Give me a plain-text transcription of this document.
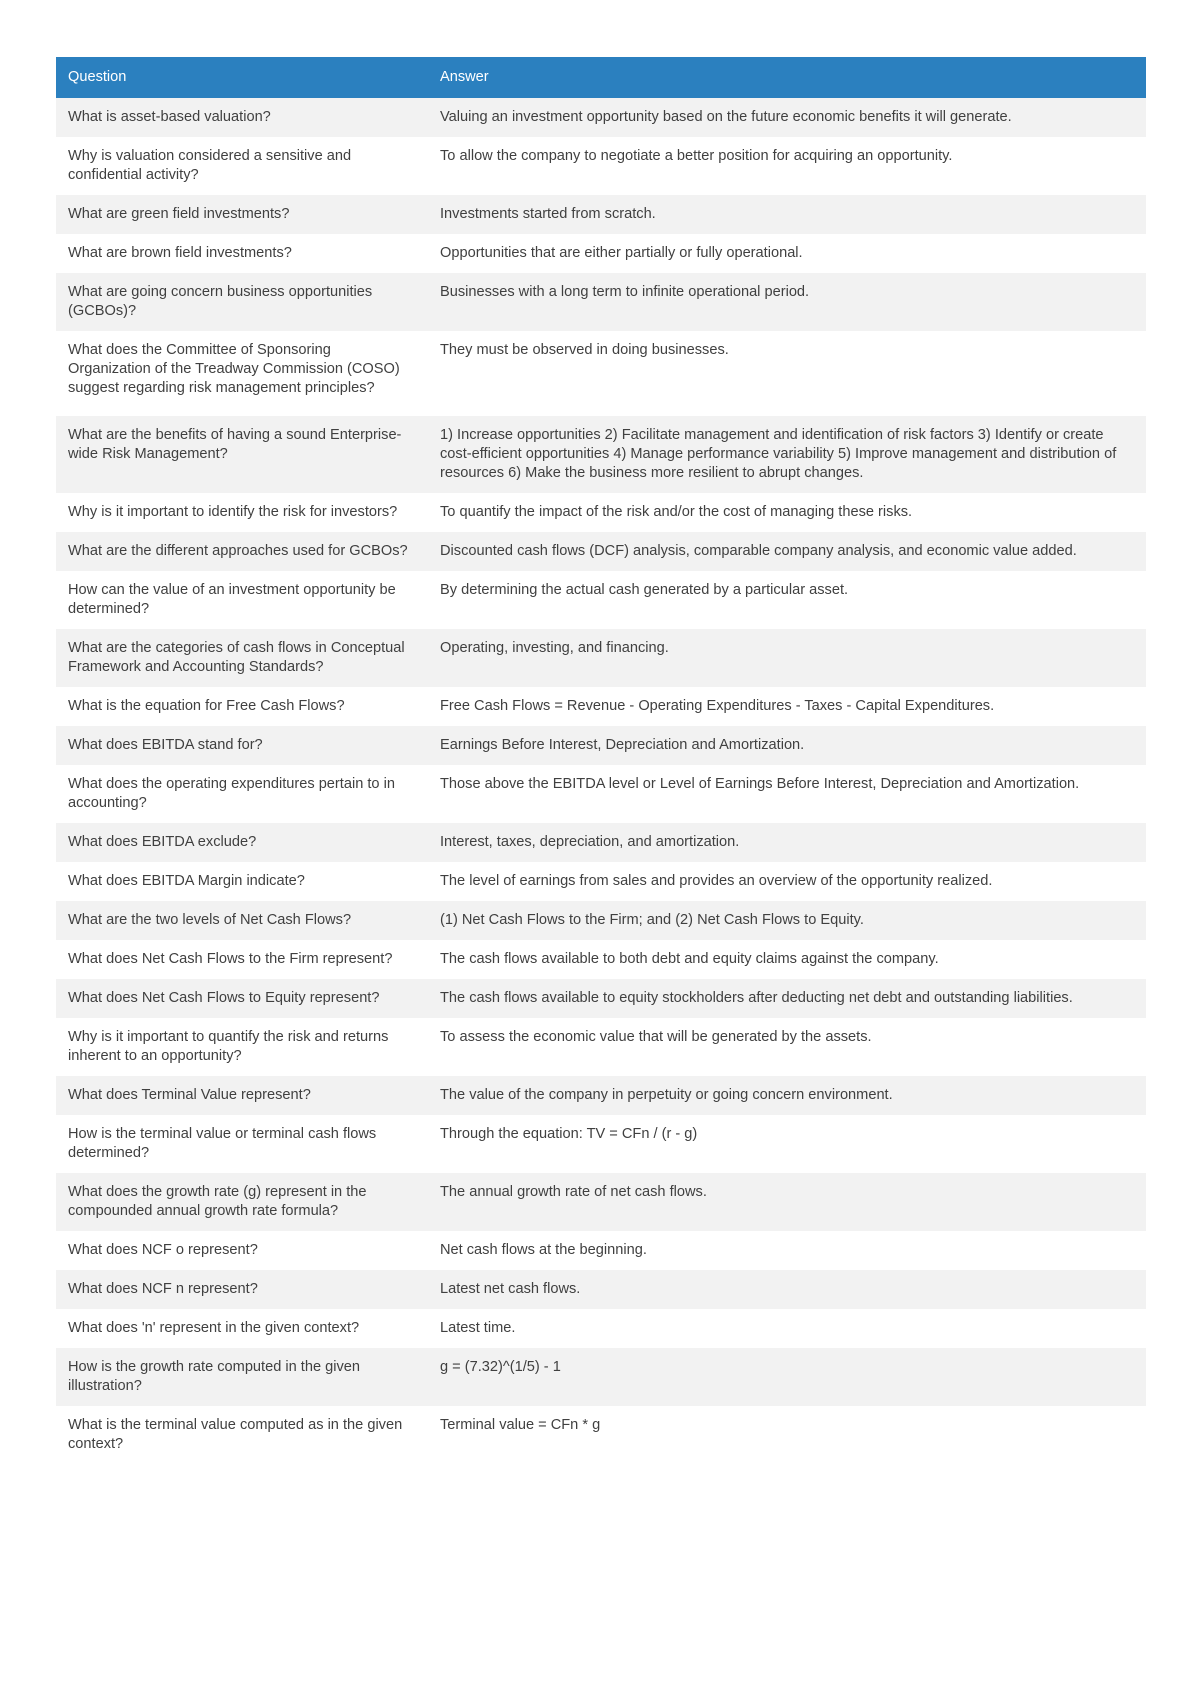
Question	Answer
What is asset-based valuation?	Valuing an investment opportunity based on the future economic benefits it will generate.
Why is valuation considered a sensitive and confidential activity?	To allow the company to negotiate a better position for acquiring an opportunity.
What are green field investments?	Investments started from scratch.
What are brown field investments?	Opportunities that are either partially or fully operational.
What are going concern business opportunities (GCBOs)?	Businesses with a long term to infinite operational period.
What does the Committee of Sponsoring Organization of the Treadway Commission (COSO) suggest regarding risk management principles?	They must be observed in doing businesses.
What are the benefits of having a sound Enterprise-wide Risk Management?	1) Increase opportunities 2) Facilitate management and identification of risk factors 3) Identify or create cost-efficient opportunities 4) Manage performance variability 5) Improve management and distribution of resources 6) Make the business more resilient to abrupt changes.
Why is it important to identify the risk for investors?	To quantify the impact of the risk and/or the cost of managing these risks.
What are the different approaches used for GCBOs?	Discounted cash flows (DCF) analysis, comparable company analysis, and economic value added.
How can the value of an investment opportunity be determined?	By determining the actual cash generated by a particular asset.
What are the categories of cash flows in Conceptual Framework and Accounting Standards?	Operating, investing, and financing.
What is the equation for Free Cash Flows?	Free Cash Flows = Revenue - Operating Expenditures - Taxes - Capital Expenditures.
What does EBITDA stand for?	Earnings Before Interest, Depreciation and Amortization.
What does the operating expenditures pertain to in accounting?	Those above the EBITDA level or Level of Earnings Before Interest, Depreciation and Amortization.
What does EBITDA exclude?	Interest, taxes, depreciation, and amortization.
What does EBITDA Margin indicate?	The level of earnings from sales and provides an overview of the opportunity realized.
What are the two levels of Net Cash Flows?	(1) Net Cash Flows to the Firm; and (2) Net Cash Flows to Equity.
What does Net Cash Flows to the Firm represent?	The cash flows available to both debt and equity claims against the company.
What does Net Cash Flows to Equity represent?	The cash flows available to equity stockholders after deducting net debt and outstanding liabilities.
Why is it important to quantify the risk and returns inherent to an opportunity?	To assess the economic value that will be generated by the assets.
What does Terminal Value represent?	The value of the company in perpetuity or going concern environment.
How is the terminal value or terminal cash flows determined?	Through the equation: TV = CFn / (r - g)
What does the growth rate (g) represent in the compounded annual growth rate formula?	The annual growth rate of net cash flows.
What does NCF o represent?	Net cash flows at the beginning.
What does NCF n represent?	Latest net cash flows.
What does 'n' represent in the given context?	Latest time.
How is the growth rate computed in the given illustration?	g = (7.32)^(1/5) - 1
What is the terminal value computed as in the given context?	Terminal value = CFn * g
